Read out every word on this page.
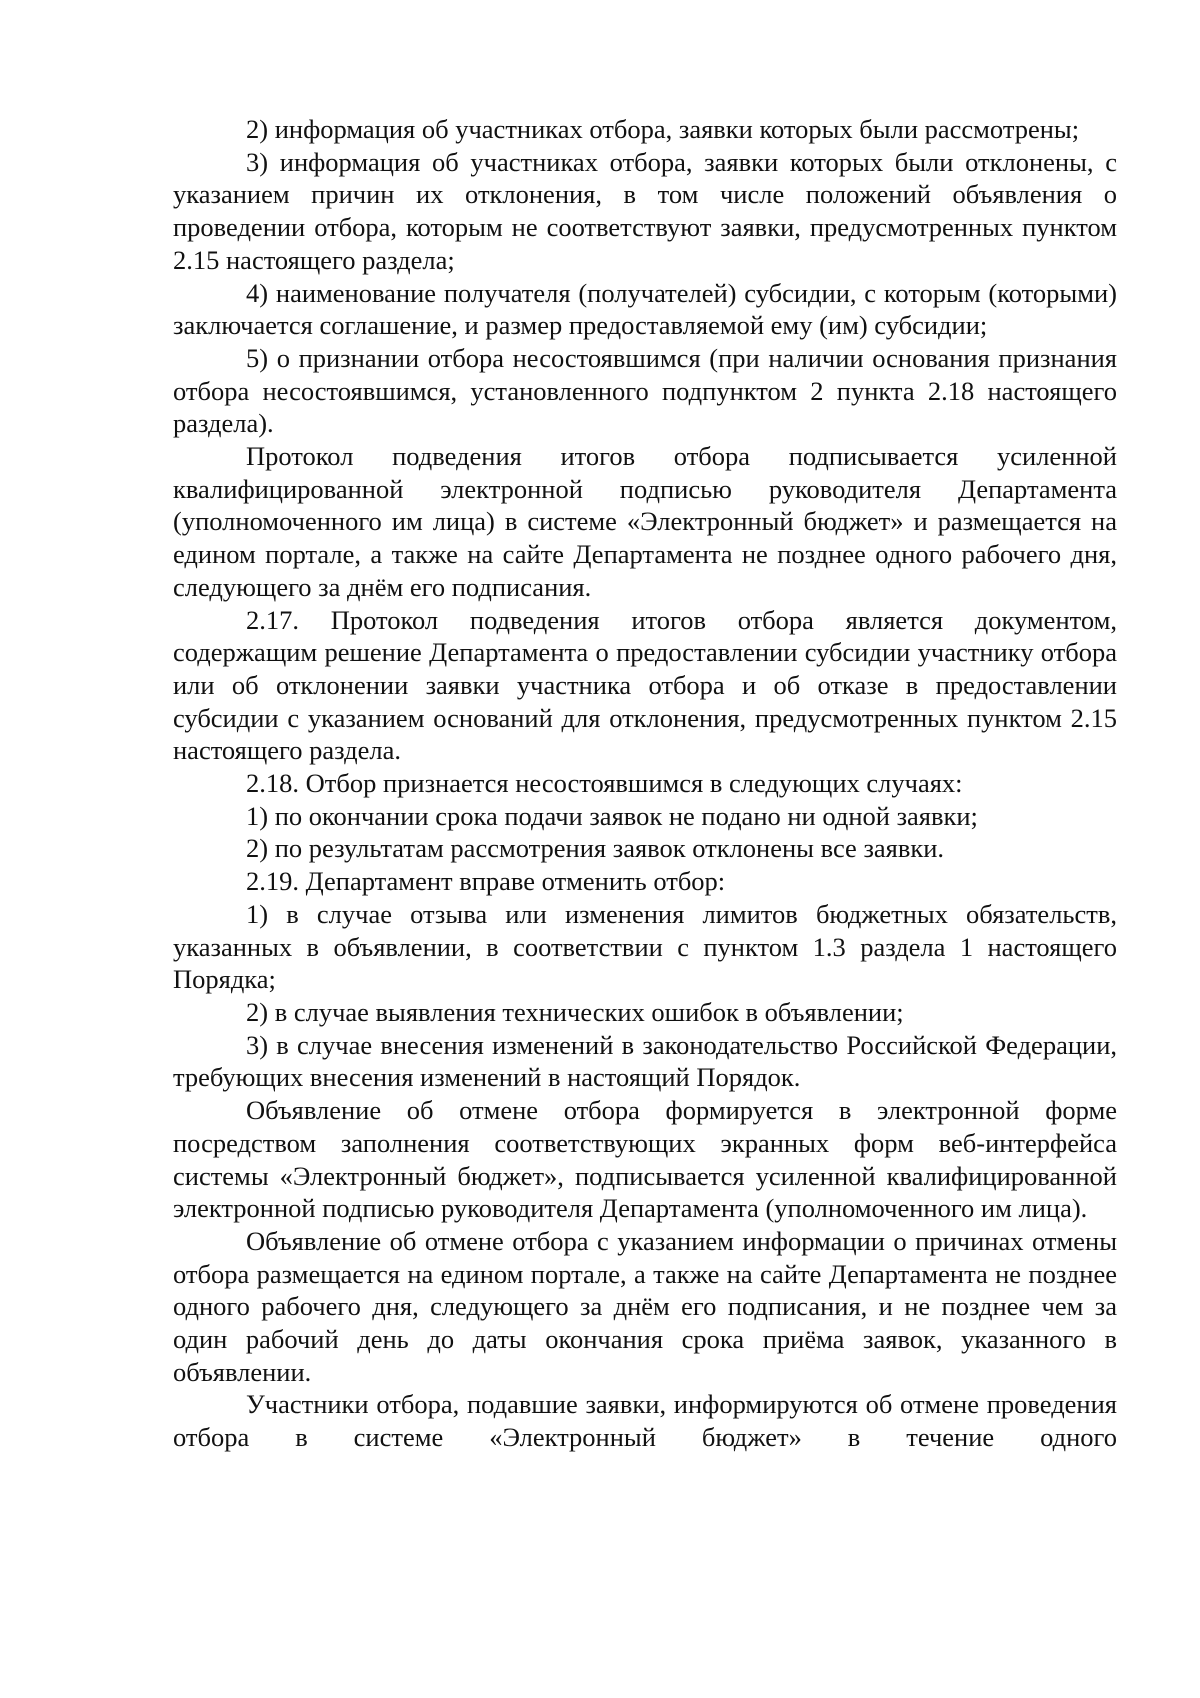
2) информация об участниках отбора, заявки которых были рассмотрены;

3) информация об участниках отбора, заявки которых были отклонены, с указанием причин их отклонения, в том числе положений объявления о проведении отбора, которым не соответствуют заявки, предусмотренных пунктом 2.15 настоящего раздела;

4) наименование получателя (получателей) субсидии, с которым (которыми) заключается соглашение, и размер предоставляемой ему (им) субсидии;

5) о признании отбора несостоявшимся (при наличии основания признания отбора несостоявшимся, установленного подпунктом 2 пункта 2.18 настоящего раздела).

Протокол подведения итогов отбора подписывается усиленной квалифицированной электронной подписью руководителя Департамента (уполномоченного им лица) в системе «Электронный бюджет» и размещается на едином портале, а также на сайте Департамента не позднее одного рабочего дня, следующего за днём его подписания.

2.17. Протокол подведения итогов отбора является документом, содержащим решение Департамента о предоставлении субсидии участнику отбора или об отклонении заявки участника отбора и об отказе в предоставлении субсидии с указанием оснований для отклонения, предусмотренных пунктом 2.15 настоящего раздела.

2.18. Отбор признается несостоявшимся в следующих случаях:

1) по окончании срока подачи заявок не подано ни одной заявки;

2) по результатам рассмотрения заявок отклонены все заявки.

2.19. Департамент вправе отменить отбор:

1) в случае отзыва или изменения лимитов бюджетных обязательств, указанных в объявлении, в соответствии с пунктом 1.3 раздела 1 настоящего Порядка;

2) в случае выявления технических ошибок в объявлении;

3) в случае внесения изменений в законодательство Российской Федерации, требующих внесения изменений в настоящий Порядок.

Объявление об отмене отбора формируется в электронной форме посредством заполнения соответствующих экранных форм веб-интерфейса системы «Электронный бюджет», подписывается усиленной квалифицированной электронной подписью руководителя Департамента (уполномоченного им лица).

Объявление об отмене отбора с указанием информации о причинах отмены отбора размещается на едином портале, а также на сайте Департамента не позднее одного рабочего дня, следующего за днём его подписания, и не позднее чем за один рабочий день до даты окончания срока приёма заявок, указанного в объявлении.

Участники отбора, подавшие заявки, информируются об отмене проведения отбора в системе «Электронный бюджет» в течение одного
